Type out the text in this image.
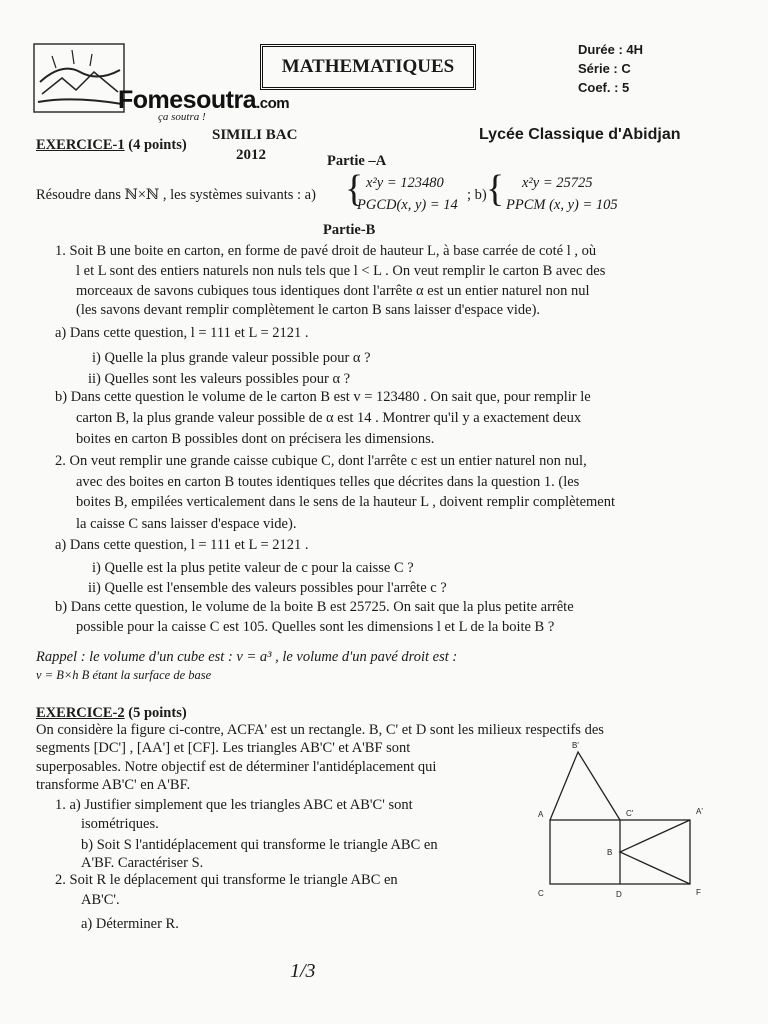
Fomesoutra.com
ça soutra !
MATHEMATIQUES
Durée : 4H
Série : C
Coef. : 5
EXERCICE-1 (4 points)
SIMILI BAC
2012
Lycée Classique d'Abidjan
Partie –A
Résoudre dans ℕ×ℕ , les systèmes suivants : a) { x²y = 123480
PGCD(x, y) = 14
; b) { x²y = 25725
PPCM (x, y) = 105
Partie-B
1. Soit B une boite en carton, en forme de pavé droit de hauteur L, à base carrée de coté l , où
l et L sont des entiers naturels non nuls tels que l < L . On veut remplir le carton B avec des
morceaux de savons cubiques tous identiques dont l'arrête α est un entier naturel non nul
(les savons devant remplir complètement le carton B sans laisser d'espace vide).
a) Dans cette question, l = 111 et L = 2121 .
i) Quelle la plus grande valeur possible pour α ?
ii) Quelles sont les valeurs possibles pour α ?
b) Dans cette question le volume de le carton B est v = 123480 . On sait que, pour remplir le
carton B, la plus grande valeur possible de α est 14 . Montrer qu'il y a exactement deux
boites en carton B possibles dont on précisera les dimensions.
2. On veut remplir une grande caisse cubique C, dont l'arrête c est un entier naturel non nul,
avec des boites en carton B toutes identiques telles que décrites dans la question 1. (les
boites B, empilées verticalement dans le sens de la hauteur L , doivent remplir complètement
la caisse C sans laisser d'espace vide).
a) Dans cette question, l = 111 et L = 2121 .
i) Quelle est la plus petite valeur de c pour la caisse C ?
ii) Quelle est l'ensemble des valeurs possibles pour l'arrête c ?
b) Dans cette question, le volume de la boite B est 25725. On sait que la plus petite arrête
possible pour la caisse C est 105. Quelles sont les dimensions l et L de la boite B ?
Rappel : le volume d'un cube est : v = a³ , le volume d'un pavé droit est :
v = B×h B étant la surface de base
EXERCICE-2 (5 points)
On considère la figure ci-contre, ACFA' est un rectangle. B, C' et D sont les milieux respectifs des
segments [DC'] , [AA'] et [CF]. Les triangles AB'C' et A'BF sont
superposables. Notre objectif est de déterminer l'antidéplacement qui
transforme AB'C' en A'BF.
1. a) Justifier simplement que les triangles ABC et AB'C' sont
isométriques.
b) Soit S l'antidéplacement qui transforme le triangle ABC en
A'BF. Caractériser S.
2. Soit R le déplacement qui transforme le triangle ABC en
AB'C'.
a) Déterminer R.
B'
A	C'	A'
B
C	D	F
1/3
